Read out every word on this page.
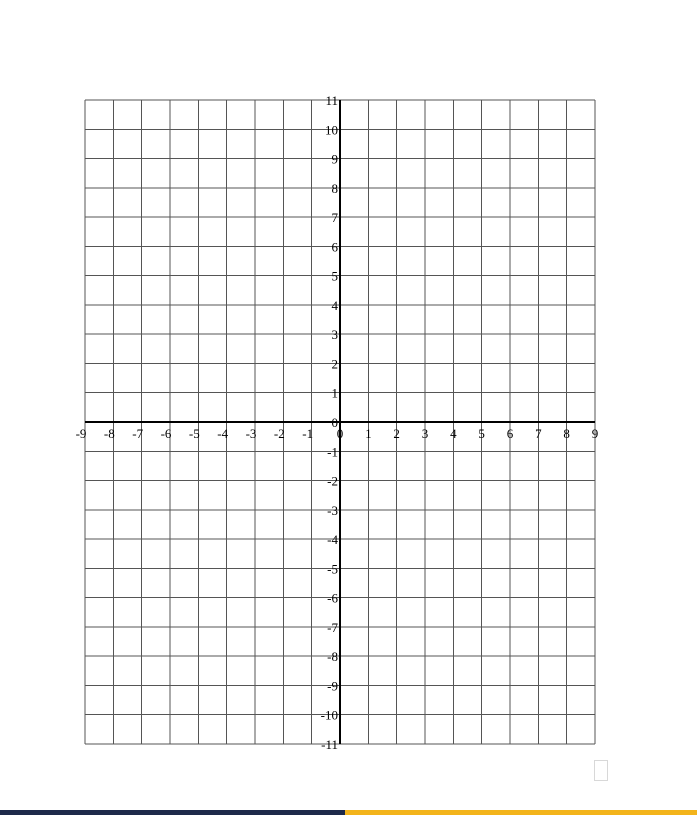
-9 -8 -7 -6 -5 -4 -3 -2 -1 0 1 2 3 4 5 6 7 8 9
11
10
9
8
7
6
5
4
3
2
1
0
-1
-2
-3
-4
-5
-6
-7
-8
-9
-10
-11
